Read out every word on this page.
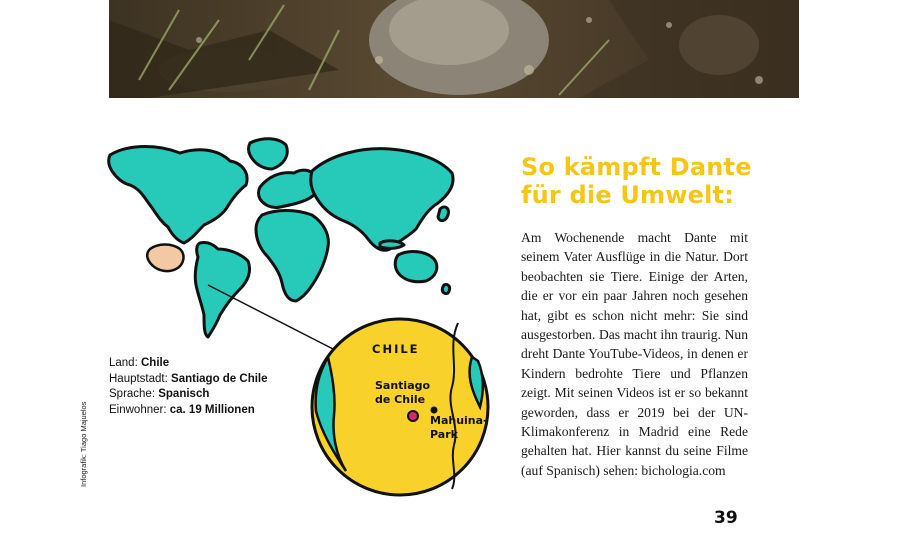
CHILE
Santiago
de Chile
Mahuina-
Park
Land: Chile
Hauptstadt: Santiago de Chile
Sprache: Spanisch
Einwohner: ca. 19 Millionen
Infografik: Tiago Majuelos
So kämpft Dante
für die Umwelt:

Am Wochenende macht Dante mit seinem Vater Ausflüge in die Natur. Dort beobachten sie Tiere. Einige der Arten, die er vor ein paar Jahren noch gesehen hat, gibt es schon nicht mehr: Sie sind ausgestorben. Das macht ihn traurig. Nun dreht Dante YouTube-Videos, in denen er Kindern bedrohte Tiere und Pflanzen zeigt. Mit seinen Videos ist er so bekannt geworden, dass er 2019 bei der UN-Klimakonferenz in Madrid eine Rede gehalten hat. Hier kannst du seine Filme (auf Spanisch) sehen: bichologia.com

39
